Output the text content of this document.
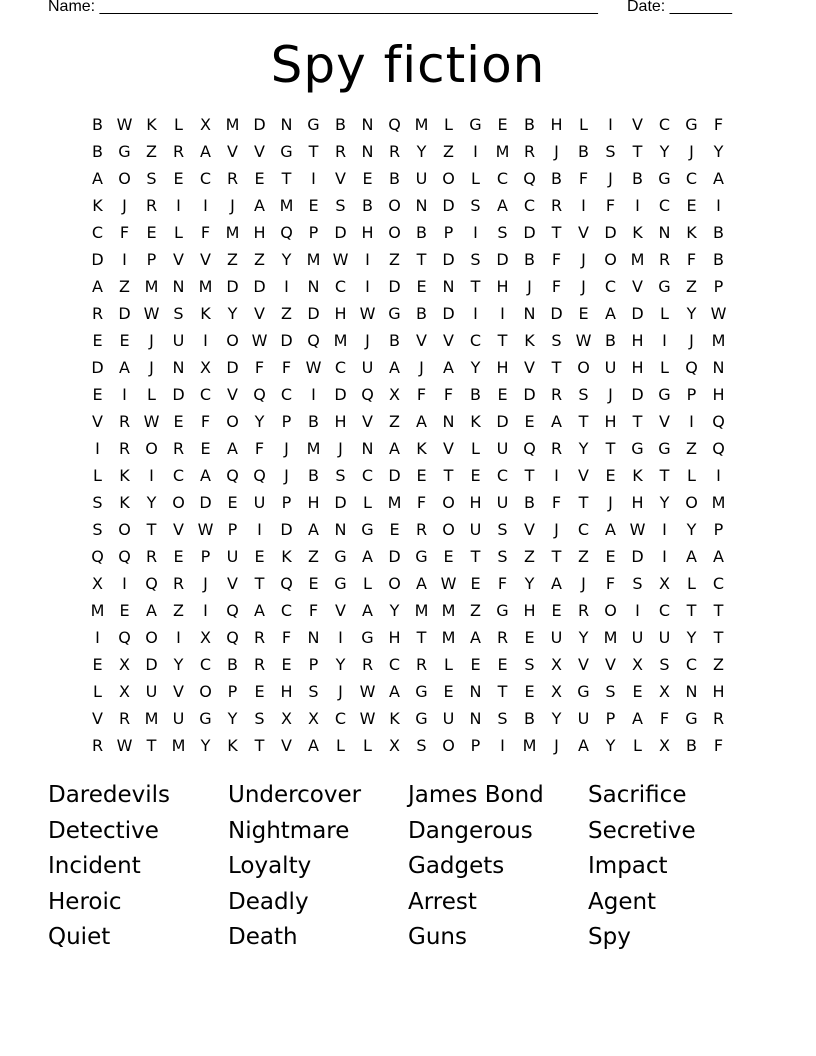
Name: ________________________________________________________ Date: _______
Spy fiction
B W K	L	X M D N G B N Q M L	G E	B H	L	I	V C G	F
B G Z R A	V	V G T	R N R	Y	Z	I	M R	J	B	S	T	Y	J	Y
A O S	E	C R	E	T	I	V	E	B U O	L	C Q B	F	J	B G C A
K	J	R	I	I	J	A M E	S	B O N D S	A C R	I	F	I	C	E	I
C	F	E	L	F M H Q P	D H O B	P	I	S D T	V D K N K	B
D	I	P	V	V	Z	Z	Y M W	I	Z	T D S D B	F	J	O M R	F	B
A	Z M N M D D	I	N C	I	D E N	T	H	J	F	J	C V G Z	P
R D W S	K	Y	V	Z D H W G B D	I	I	N D E	A D	L	Y W
E	E	J	U	I	O W D Q M	J	B	V	V C	T	K	S W B H	I	J	M
D A	J	N X D	F	F W C U A	J	A	Y	H V	T O U H	L	Q N
E	I	L	D C V Q C	I	D Q X	F	F	B	E D R	S	J	D G P	H
V R W E	F	O Y	P	B H V	Z	A N K D E	A	T	H	T	V	I	Q
I	R O R	E	A	F	J	M	J	N A	K	V	L	U Q R	Y	T G G Z Q
L	K	I	C A Q Q	J	B	S	C D E	T	E	C	T	I	V	E	K	T	L	I
S	K	Y O D E	U	P	H D	L M F	O H U B	F	T	J	H	Y O M
S O T	V W P	I	D A N G E	R O U	S	V	J	C A W	I	Y	P
Q Q R	E	P	U	E	K	Z G A D G E	T	S	Z	T	Z	E D	I	A	A
X	I	Q R	J	V	T Q E G	L	O A W E	F	Y	A	J	F	S	X	L	C
M E	A	Z	I	Q A C	F	V	A	Y M M Z G H E	R O	I	C	T	T
I	Q O	I	X Q R	F	N	I	G H	T M A R	E	U	Y M U U	Y	T
E	X D Y	C B R	E	P	Y	R C R	L	E	E	S	X	V	V	X	S	C Z
L	X U V O P	E H S	J	W A G E N	T	E	X G S	E	X N H
V R M U G Y	S	X	X C W K G U N S	B	Y	U	P	A	F	G R
R W T M Y	K	T	V	A	L	L	X	S O P	I	M	J	A	Y	L	X	B	F
Daredevils	Undercover	James Bond	Sacrifice
Detective	Nightmare	Dangerous	Secretive
Incident	Loyalty	Gadgets	Impact
Heroic	Deadly	Arrest	Agent
Quiet	Death	Guns	Spy
